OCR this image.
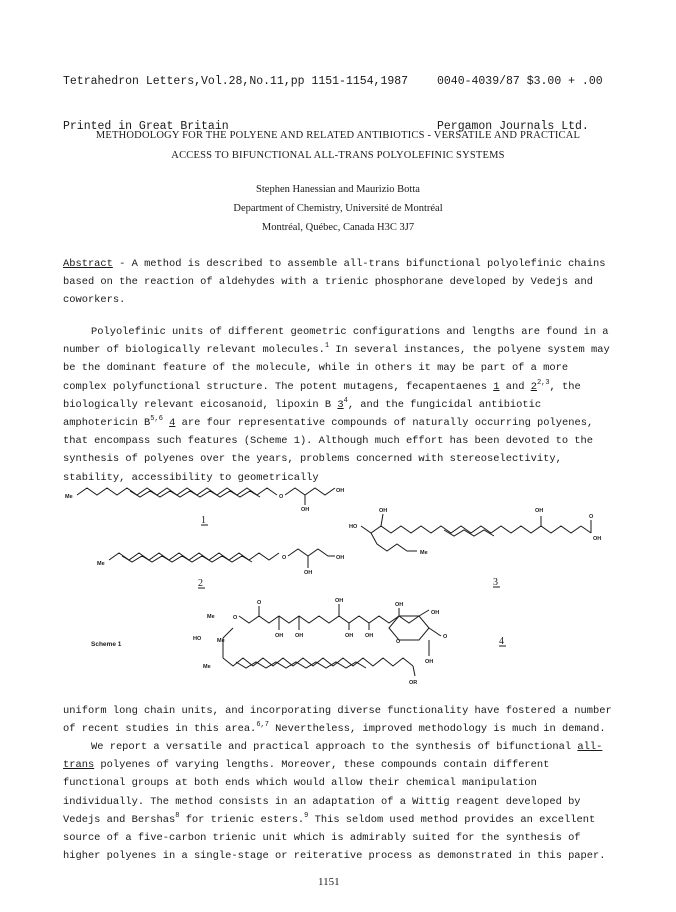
Tetrahedron Letters,Vol.28,No.11,pp 1151-1154,1987

Printed in Great Britain

0040-4039/87 $3.00 + .00

Pergamon Journals Ltd.

METHODOLOGY FOR THE POLYENE AND RELATED ANTIBIOTICS - VERSATILE AND PRACTICAL
ACCESS TO BIFUNCTIONAL ALL-TRANS POLYOLEFINIC SYSTEMS
Stephen Hanessian and Maurizio Botta
Department of Chemistry, Université de Montréal
Montréal, Québec, Canada H3C 3J7

Abstract - A method is described to assemble all-trans bifunctional polyolefinic chains based on the reaction of aldehydes with a trienic phosphorane developed by Vedejs and coworkers.

Polyolefinic units of different geometric configurations and lengths are found in a number of biologically relevant molecules.$^1$ In several instances, the polyene system may be the dominant feature of the molecule, while in others it may be part of a more complex polyfunctional structure. The potent mutagens, fecapentaenes 1 and 2$^{2,3}$, the biologically relevant eicosanoid, lipoxin B $3^4$, and the fungicidal antibiotic amphotericin B$^{5,6}$ 4 are four representative compounds of naturally occurring polyenes, that encompass such features (Scheme 1). Although much effort has been devoted to the synthesis of polyenes over the years, problems concerned with stereoselectivity, stability, accessibility to geometrically

Me	O
OH
OH
1
Me
O
OH
OH
2
HO
OH	OH
Me
O
OH
3
Me	O
O
OH OH	OH OH
OH
OH
O
OH
O
OH
HO	Me
Me
OR
4
Scheme 1

uniform long chain units, and incorporating diverse functionality have fostered a number of recent studies in this area.$^{6,7}$ Nevertheless, improved methodology is much in demand.

We report a versatile and practical approach to the synthesis of bifunctional all-trans polyenes of varying lengths. Moreover, these compounds contain different functional groups at both ends which would allow their chemical manipulation individually. The method consists in an adaptation of a Wittig reagent developed by Vedejs and Bershas$^8$ for trienic esters.$^9$ This seldom used method provides an excellent source of a five-carbon trienic unit which is admirably suited for the synthesis of higher polyenes in a single-stage or reiterative process as demonstrated in this paper.

1151
